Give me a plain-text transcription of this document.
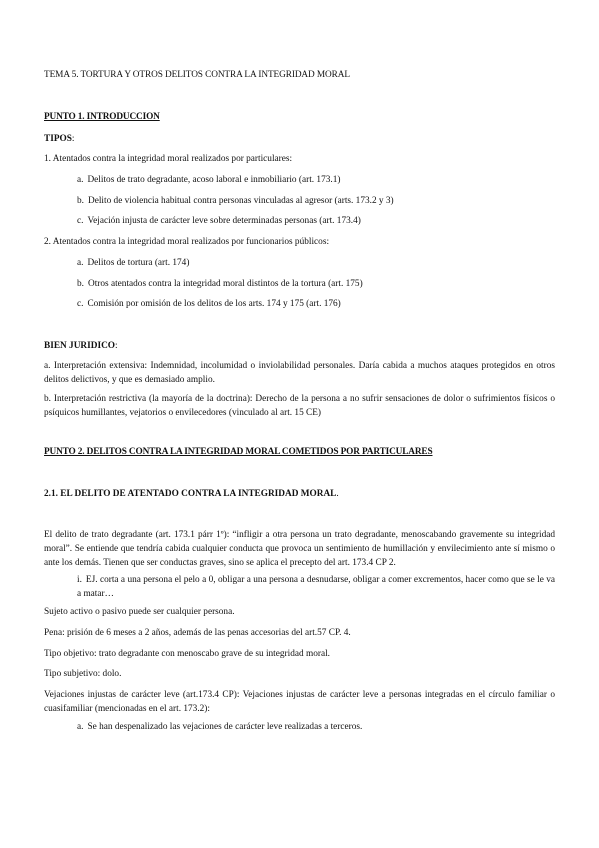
TEMA 5. TORTURA Y OTROS DELITOS CONTRA LA INTEGRIDAD MORAL
PUNTO 1. INTRODUCCION
TIPOS:
1. Atentados contra la integridad moral realizados por particulares:
a. Delitos de trato degradante, acoso laboral e inmobiliario (art. 173.1)
b. Delito de violencia habitual contra personas vinculadas al agresor (arts. 173.2 y 3)
c. Vejación injusta de carácter leve sobre determinadas personas (art. 173.4)
2. Atentados contra la integridad moral realizados por funcionarios públicos:
a. Delitos de tortura (art. 174)
b. Otros atentados contra la integridad moral distintos de la tortura (art. 175)
c. Comisión por omisión de los delitos de los arts. 174 y 175 (art. 176)
BIEN JURIDICO:
a. Interpretación extensiva: Indemnidad, incolumidad o inviolabilidad personales. Daría cabida a muchos ataques protegidos en otros delitos delictivos, y que es demasiado amplio.
b. Interpretación restrictiva (la mayoría de la doctrina): Derecho de la persona a no sufrir sensaciones de dolor o sufrimientos físicos o psíquicos humillantes, vejatorios o envilecedores (vinculado al art. 15 CE)
PUNTO 2. DELITOS CONTRA LA INTEGRIDAD MORAL COMETIDOS POR PARTICULARES
2.1. EL DELITO DE ATENTADO CONTRA LA INTEGRIDAD MORAL.
El delito de trato degradante (art. 173.1 párr 1º): “infligir a otra persona un trato degradante, menoscabando gravemente su integridad moral”. Se entiende que tendría cabida cualquier conducta que provoca un sentimiento de humillación y envilecimiento ante sí mismo o ante los demás. Tienen que ser conductas graves, sino se aplica el precepto del art. 173.4 CP 2.
i. EJ. corta a una persona el pelo a 0, obligar a una persona a desnudarse, obligar a comer excrementos, hacer como que se le va a matar…
Sujeto activo o pasivo puede ser cualquier persona.
Pena: prisión de 6 meses a 2 años, además de las penas accesorias del art.57 CP. 4.
Tipo objetivo: trato degradante con menoscabo grave de su integridad moral.
Tipo subjetivo: dolo.
Vejaciones injustas de carácter leve (art.173.4 CP): Vejaciones injustas de carácter leve a personas integradas en el círculo familiar o cuasifamiliar (mencionadas en el art. 173.2):
a. Se han despenalizado las vejaciones de carácter leve realizadas a terceros.
